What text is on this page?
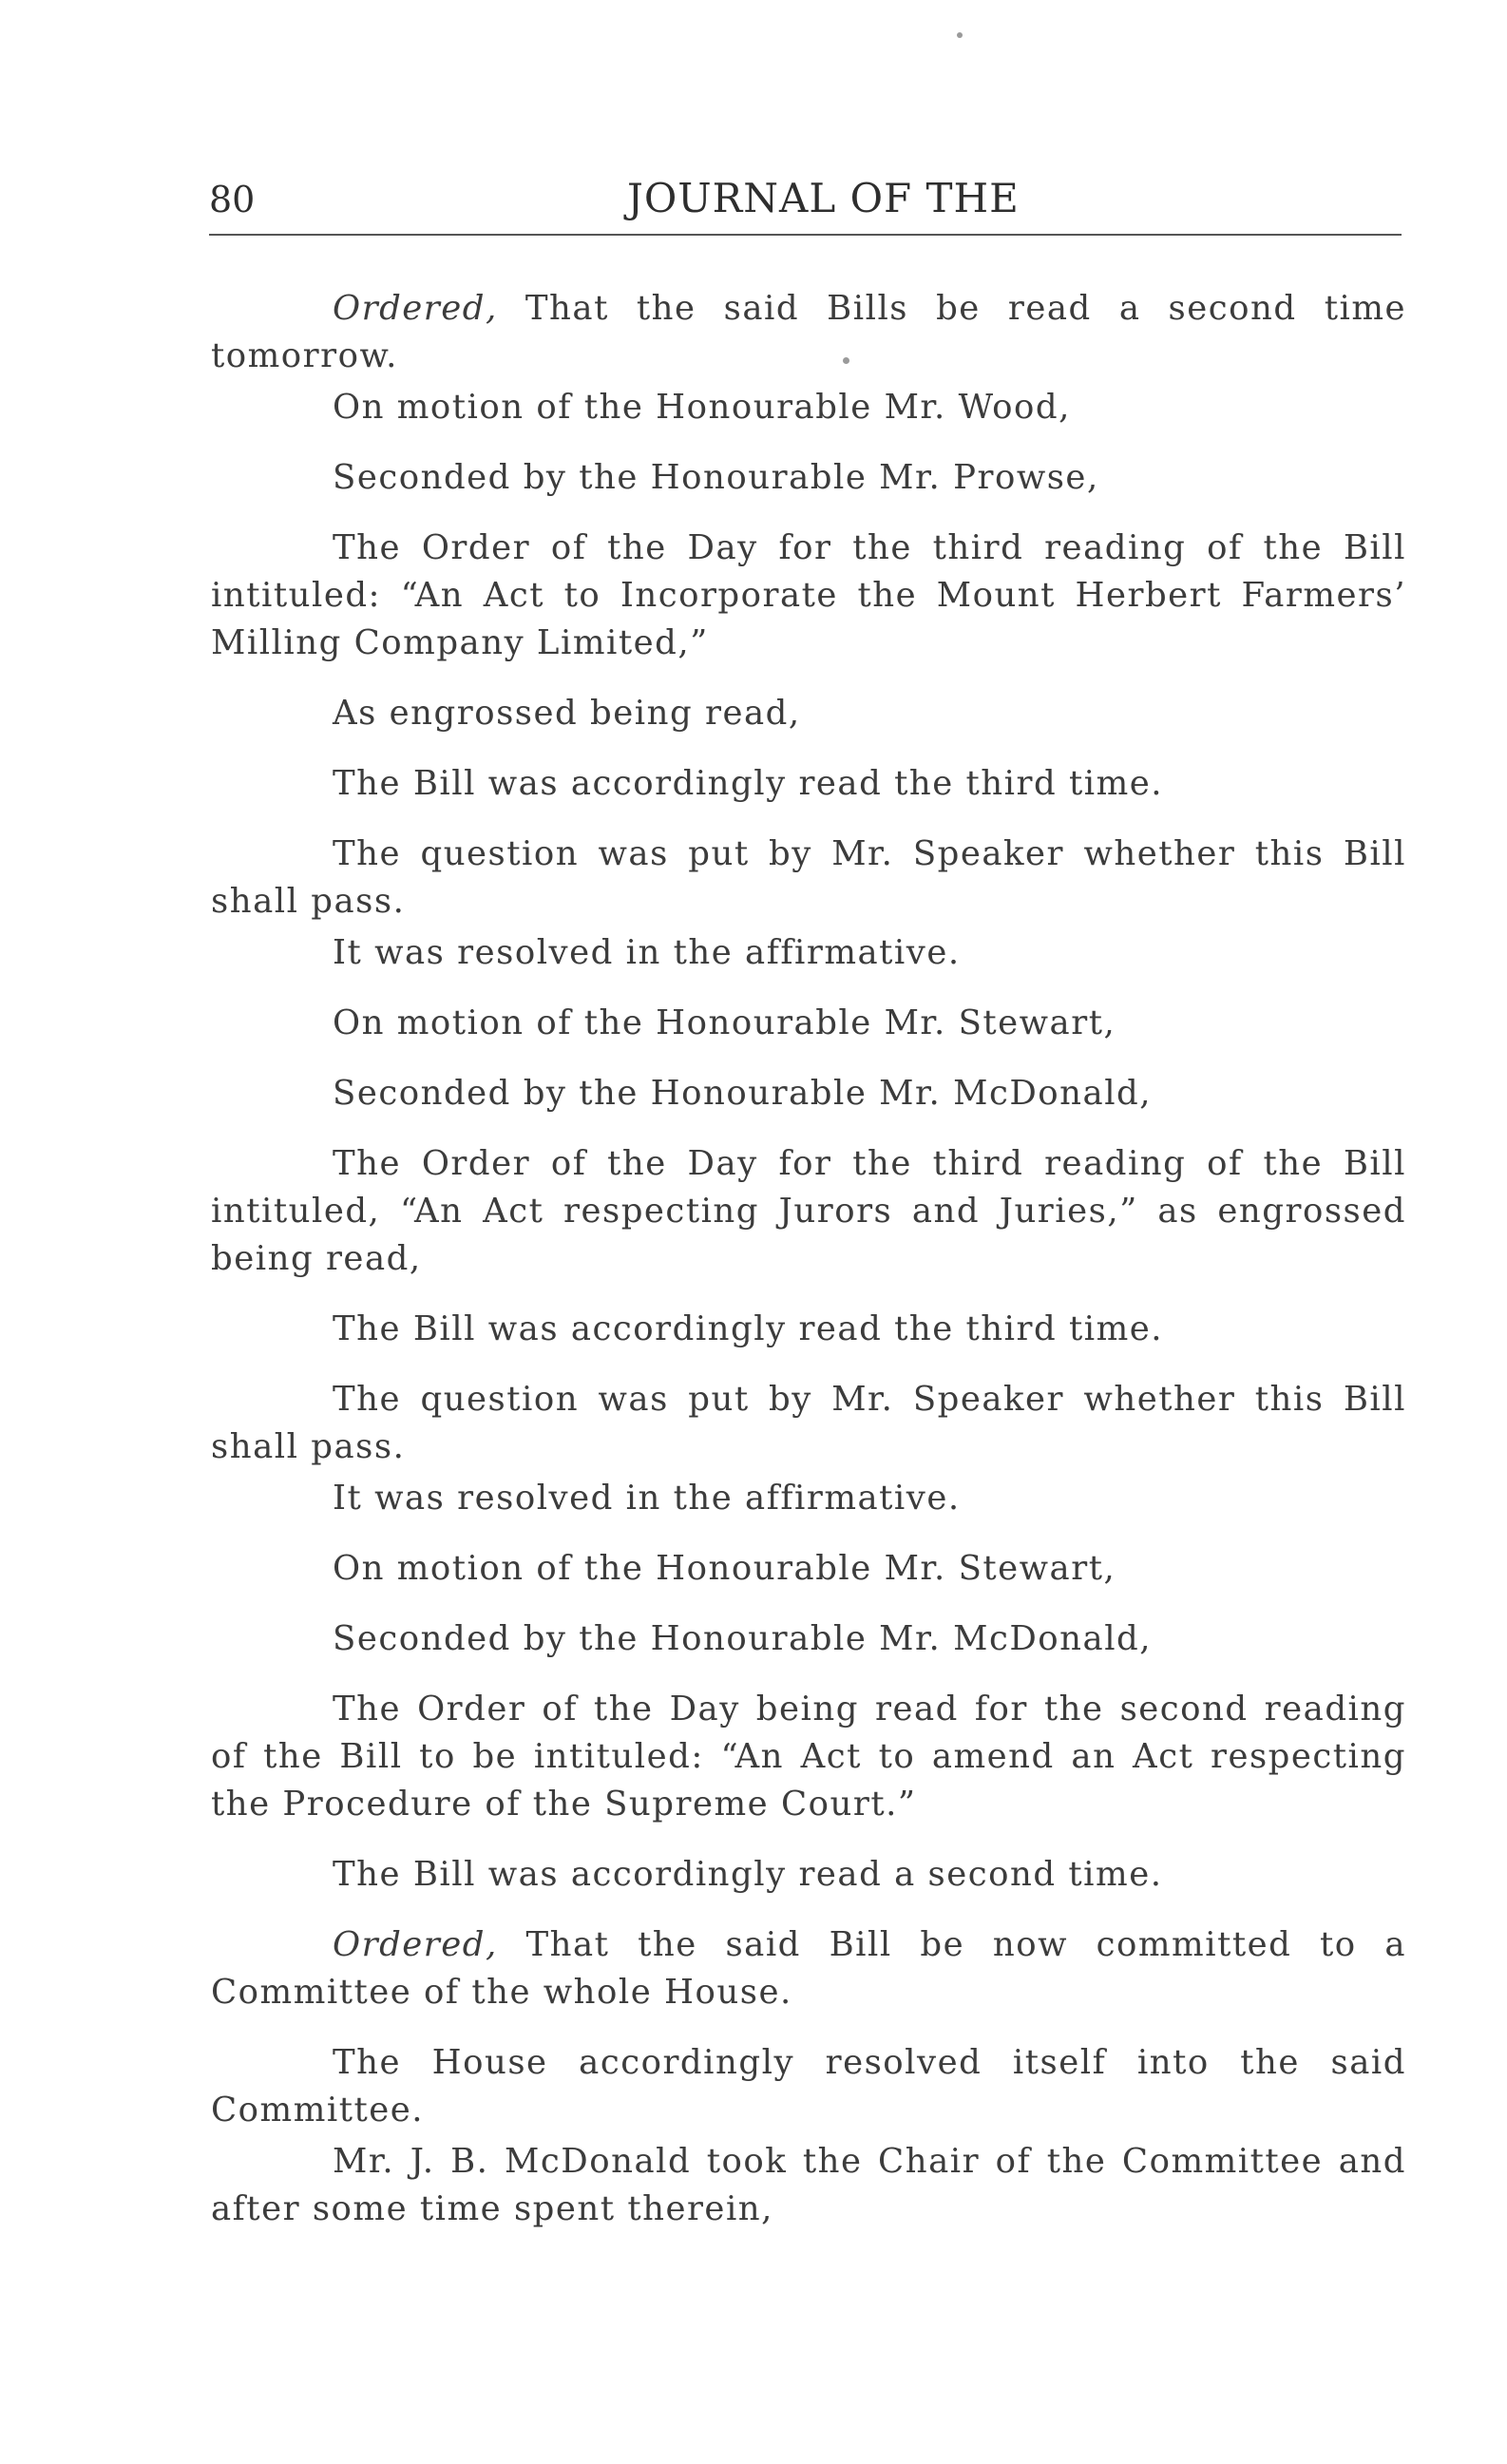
80	JOURNAL OF THE

Ordered, That the said Bills be read a second time tomorrow.

On motion of the Honourable Mr. Wood,

Seconded by the Honourable Mr. Prowse,

The Order of the Day for the third reading of the Bill intituled: “An Act to Incorporate the Mount Herbert Farmers’ Milling Company Limited,”

As engrossed being read,

The Bill was accordingly read the third time.

The question was put by Mr. Speaker whether this Bill shall pass.

It was resolved in the affirmative.

On motion of the Honourable Mr. Stewart,

Seconded by the Honourable Mr. McDonald,

The Order of the Day for the third reading of the Bill intituled, “An Act respecting Jurors and Juries,” as engrossed being read,

The Bill was accordingly read the third time.

The question was put by Mr. Speaker whether this Bill shall pass.

It was resolved in the affirmative.

On motion of the Honourable Mr. Stewart,

Seconded by the Honourable Mr. McDonald,

The Order of the Day being read for the second reading of the Bill to be intituled: “An Act to amend an Act respecting the Procedure of the Supreme Court.”

The Bill was accordingly read a second time.

Ordered, That the said Bill be now committed to a Committee of the whole House.

The House accordingly resolved itself into the said Committee.

Mr. J. B. McDonald took the Chair of the Committee and after some time spent therein,
